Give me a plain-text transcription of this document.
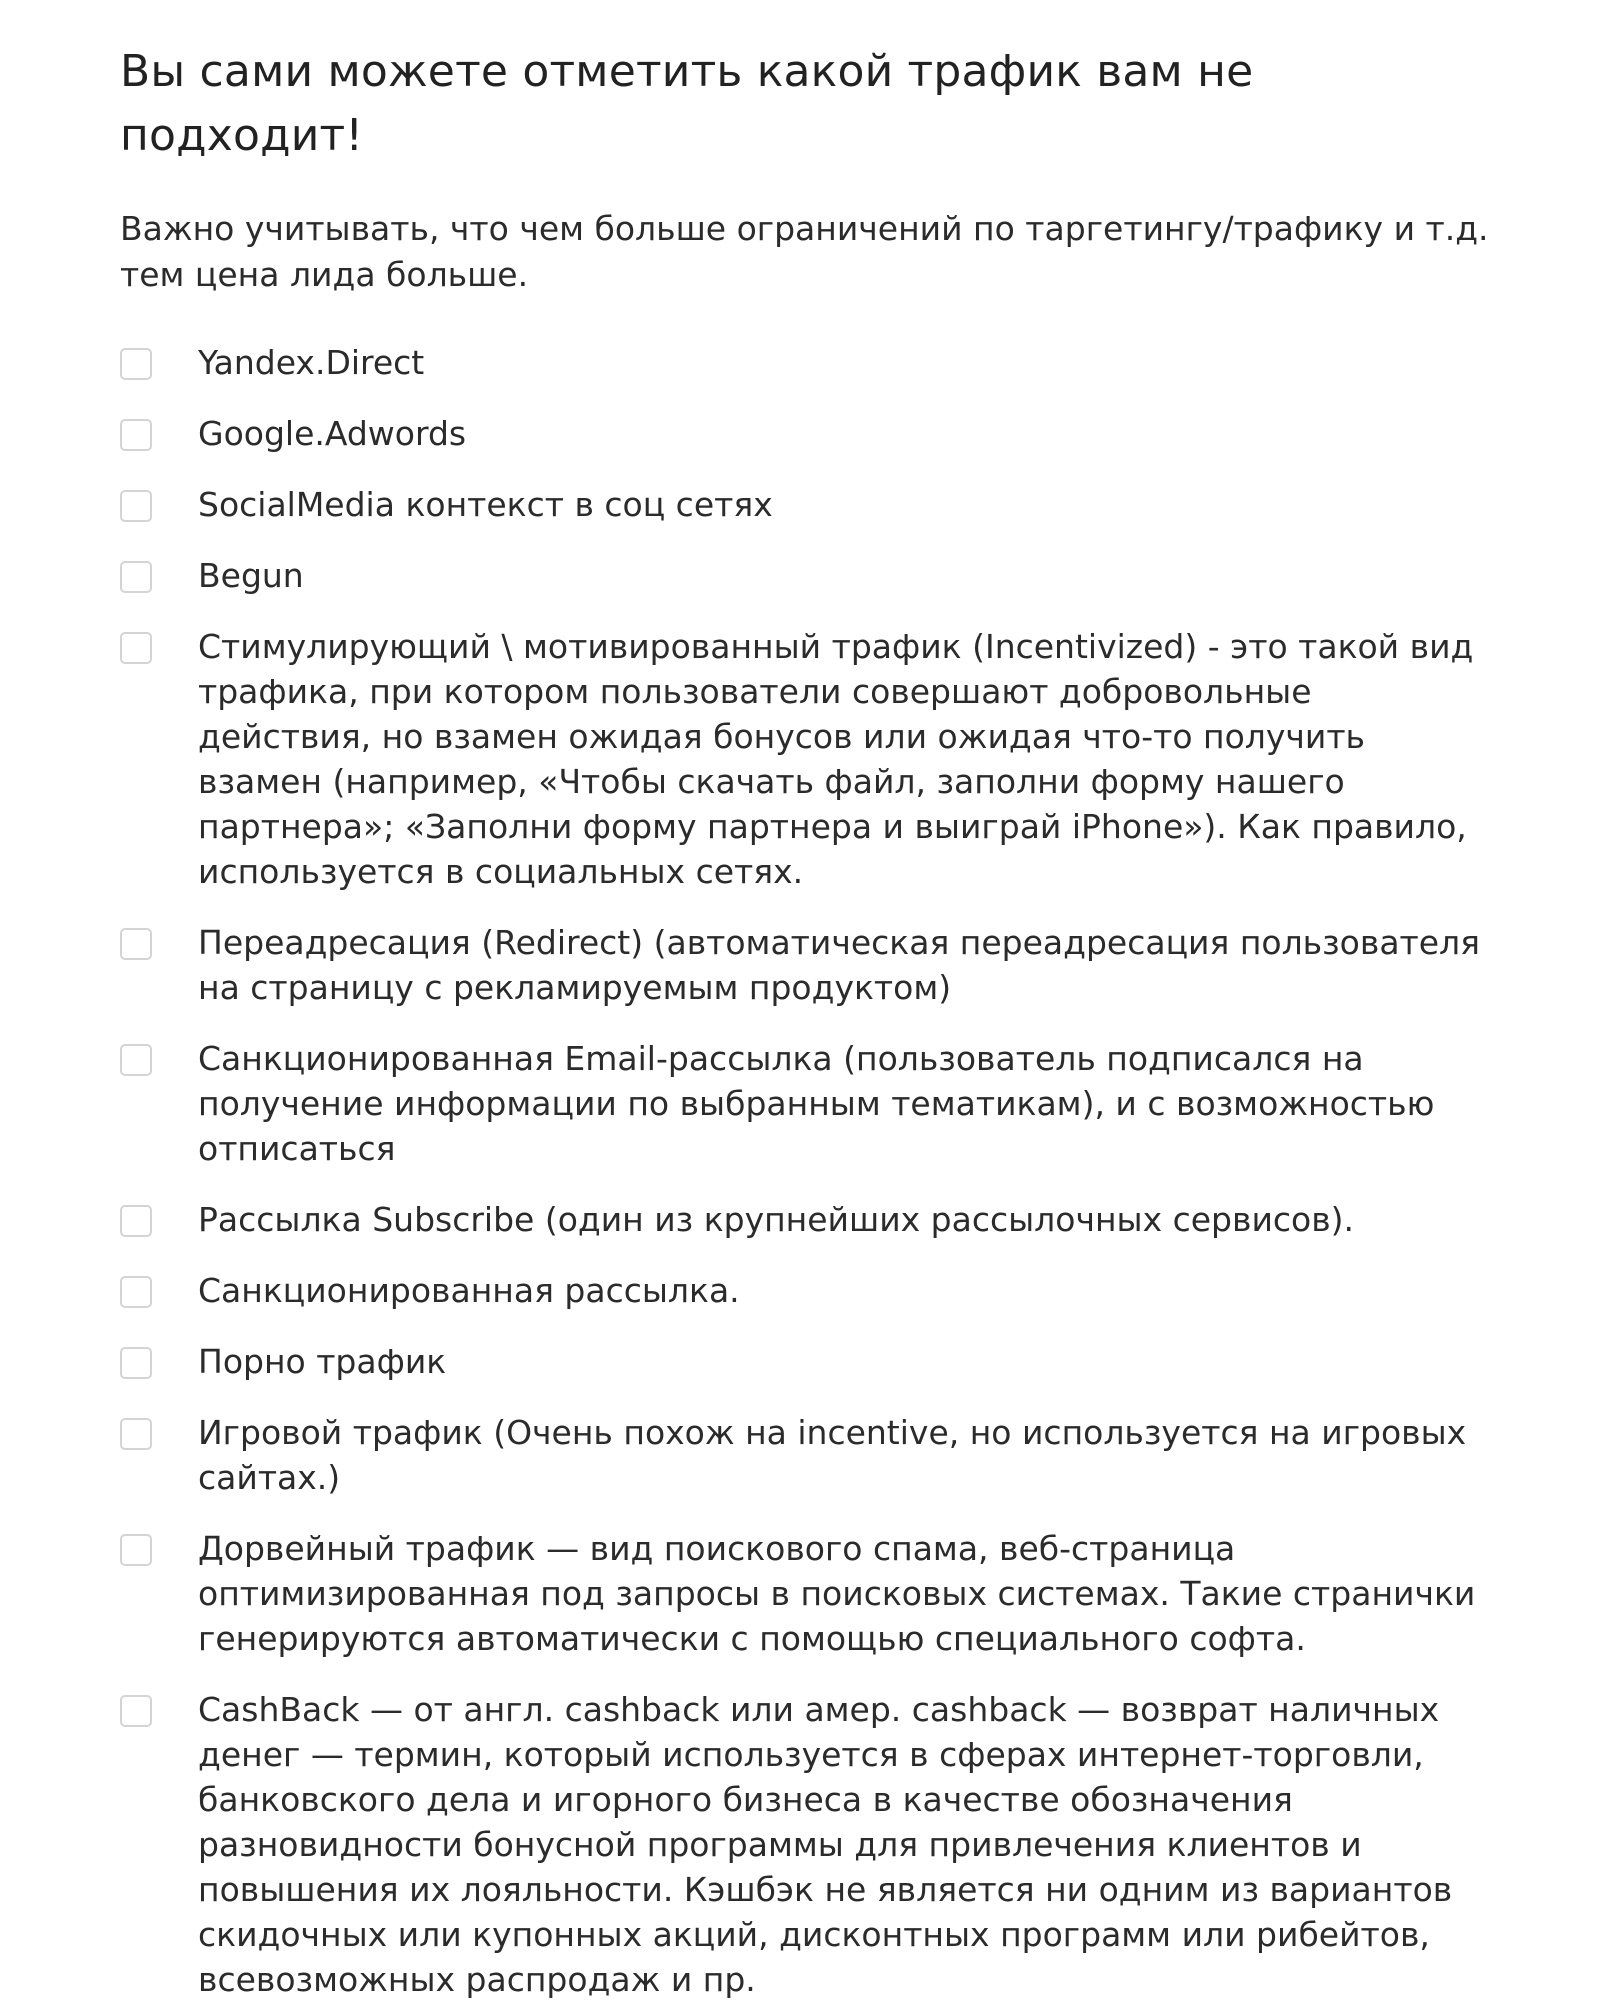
Вы сами можете отметить какой трафик вам не подходит!

Важно учитывать, что чем больше ограничений по таргетингу/трафику и т.д. тем цена лида больше.

Yandex.Direct
Google.Adwords
SocialMedia контекст в соц сетях
Begun
Стимулирующий \ мотивированный трафик (Incentivized) - это такой вид трафика, при котором пользователи совершают добровольные действия, но взамен ожидая бонусов или ожидая что-то получить взамен (например, «Чтобы скачать файл, заполни форму нашего партнера»; «Заполни форму партнера и выиграй iPhone»). Как правило, используется в социальных сетях.
Переадресация (Redirect) (автоматическая переадресация пользователя на страницу с рекламируемым продуктом)
Санкционированная Email-рассылка (пользователь подписался на получение информации по выбранным тематикам), и с возможностью отписаться
Рассылка Subscribe (один из крупнейших рассылочных сервисов).
Санкционированная рассылка.
Порно трафик
Игровой трафик (Очень похож на incentive, но используется на игровых сайтах.)
Дорвейный трафик — вид поискового спама, веб-страница оптимизированная под запросы в поисковых системах. Такие странички генерируются автоматически с помощью специального софта.
CashBack — от англ. cashback или амер. cashback — возврат наличных денег — термин, который используется в сферах интернет-торговли, банковского дела и игорного бизнеса в качестве обозначения разновидности бонусной программы для привлечения клиентов и повышения их лояльности. Кэшбэк не является ни одним из вариантов скидочных или купонных акций, дисконтных программ или рибейтов, всевозможных распродаж и пр.
